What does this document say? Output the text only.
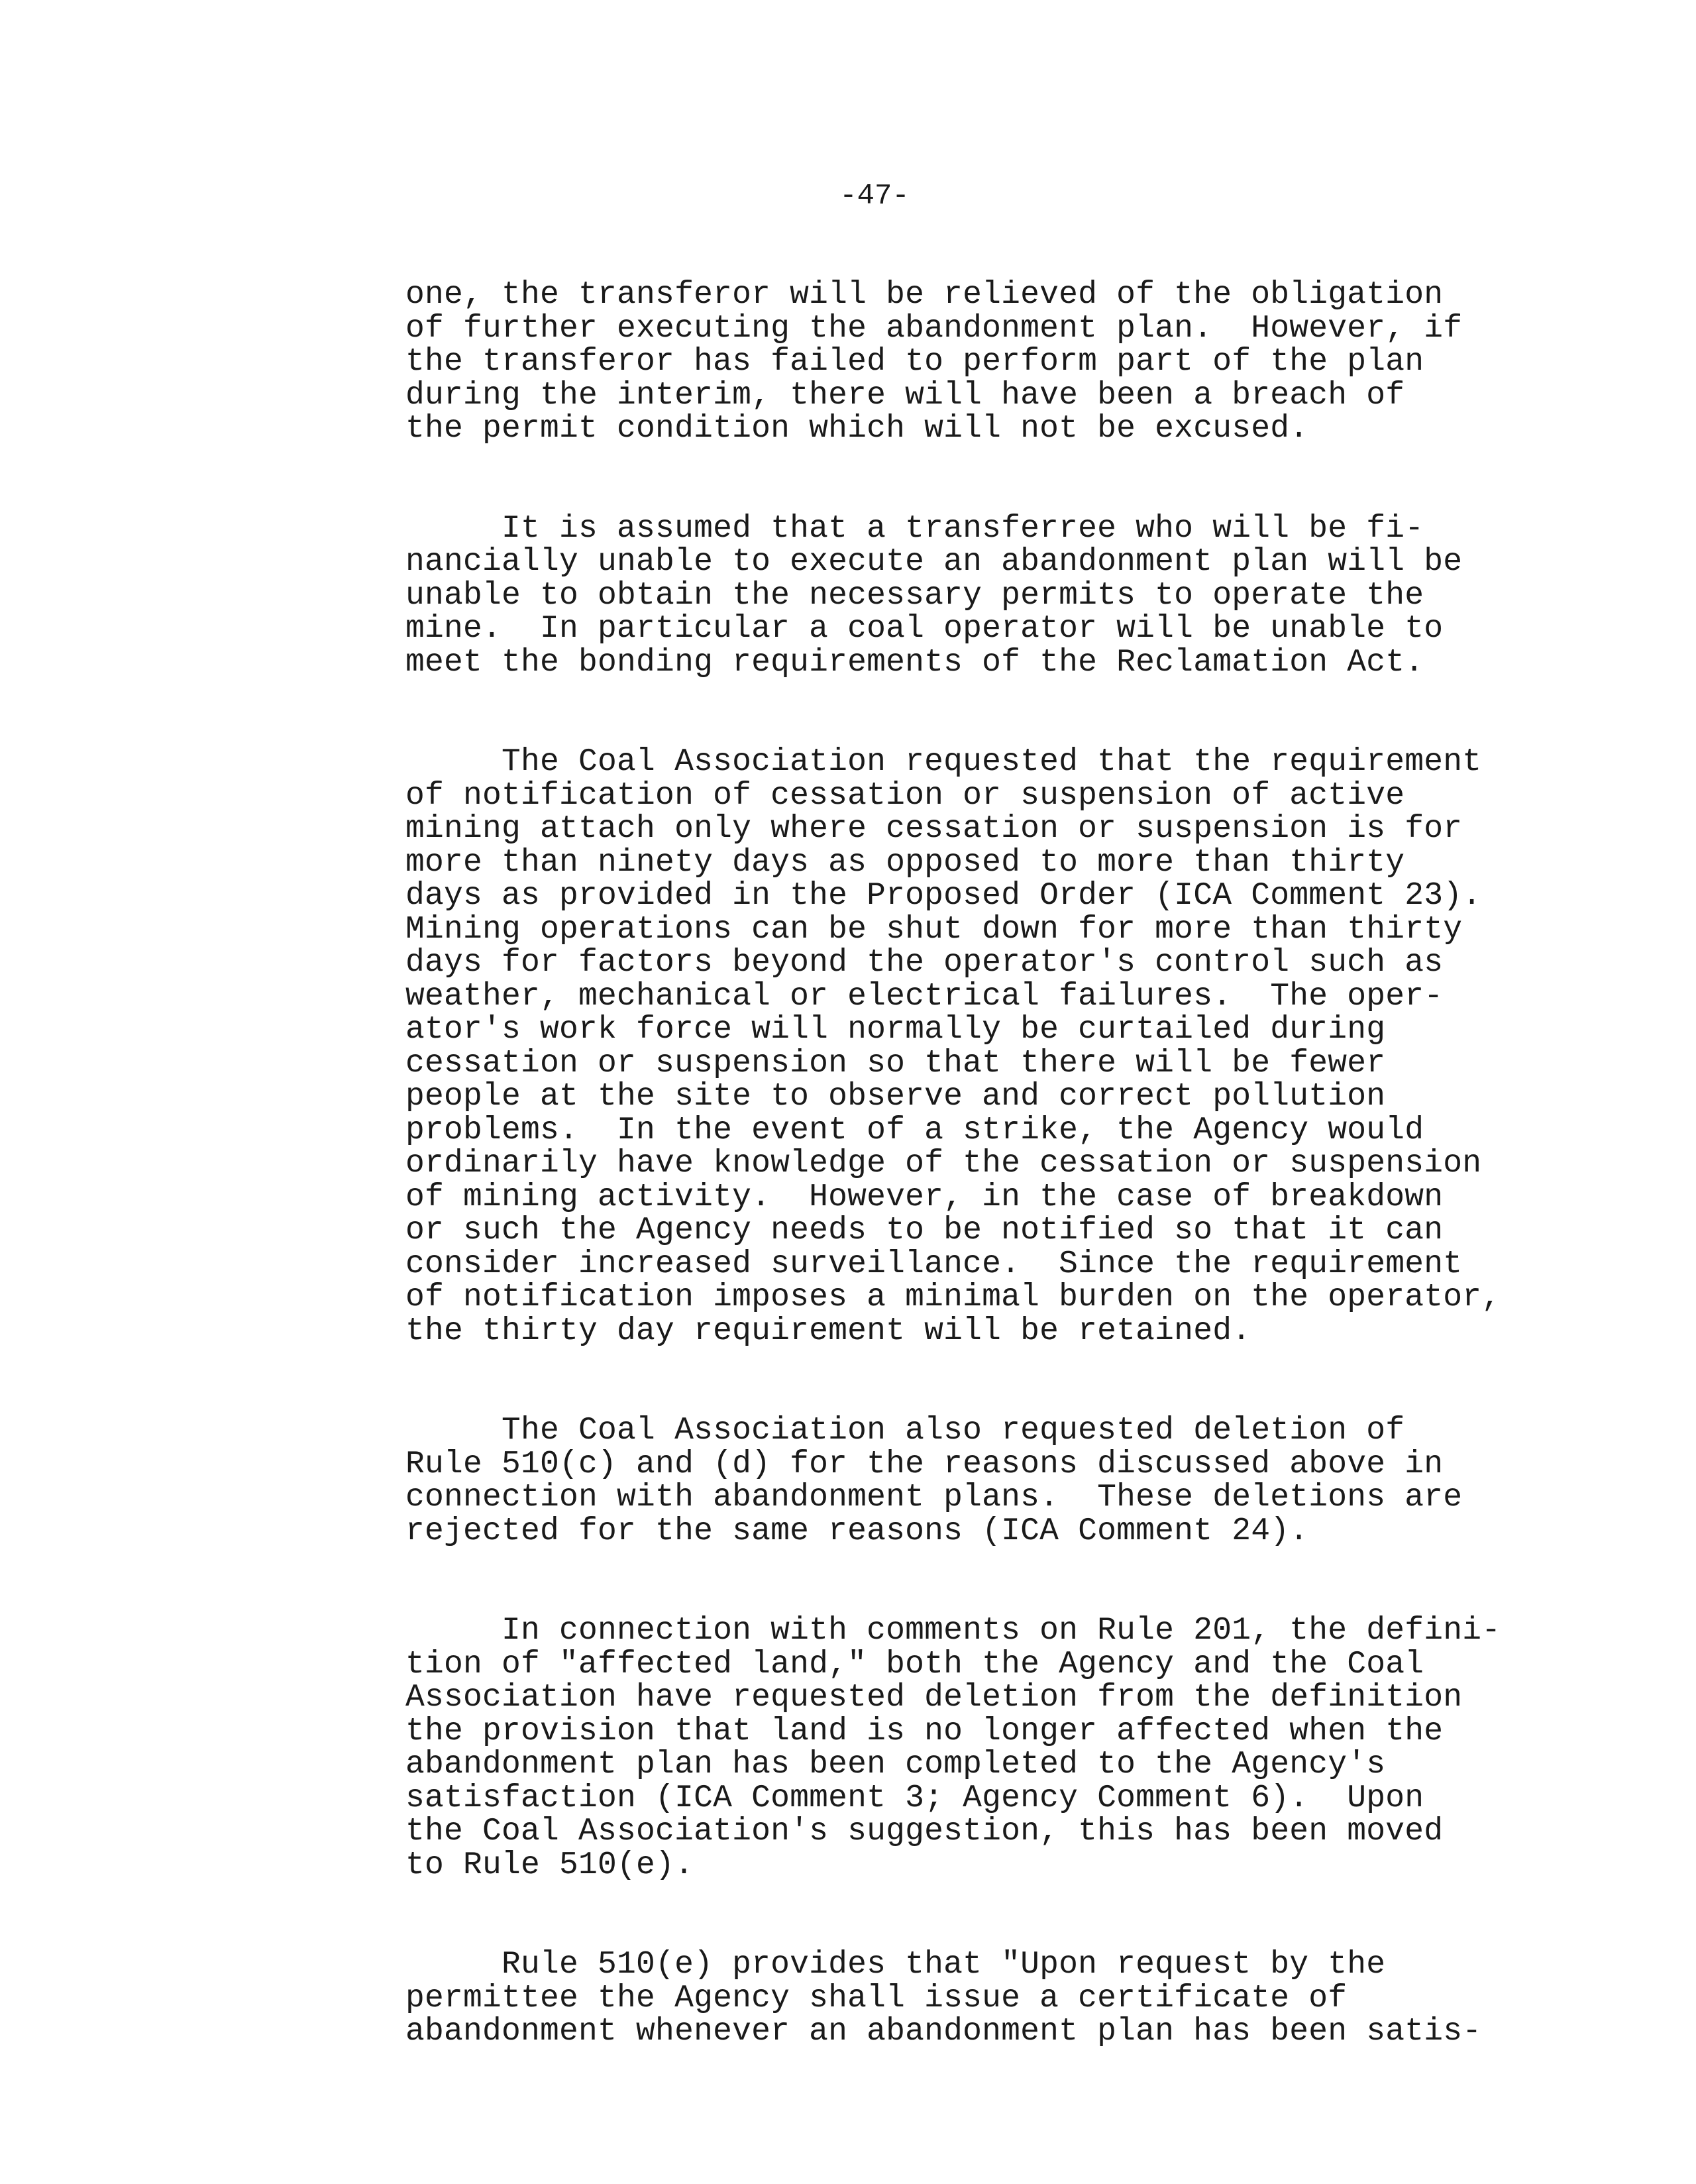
-47-

one, the transferor will be relieved of the obligation
of further executing the abandonment plan.  However, if
the transferor has failed to perform part of the plan
during the interim, there will have been a breach of
the permit condition which will not be excused.

It is assumed that a transferree who will be fi-
nancially unable to execute an abandonment plan will be
unable to obtain the necessary permits to operate the
mine.  In particular a coal operator will be unable to
meet the bonding requirements of the Reclamation Act.

The Coal Association requested that the requirement
of notification of cessation or suspension of active
mining attach only where cessation or suspension is for
more than ninety days as opposed to more than thirty
days as provided in the Proposed Order (ICA Comment 23).
Mining operations can be shut down for more than thirty
days for factors beyond the operator's control such as
weather, mechanical or electrical failures.  The oper-
ator's work force will normally be curtailed during
cessation or suspension so that there will be fewer
people at the site to observe and correct pollution
problems.  In the event of a strike, the Agency would
ordinarily have knowledge of the cessation or suspension
of mining activity.  However, in the case of breakdown
or such the Agency needs to be notified so that it can
consider increased surveillance.  Since the requirement
of notification imposes a minimal burden on the operator,
the thirty day requirement will be retained.

The Coal Association also requested deletion of
Rule 510(c) and (d) for the reasons discussed above in
connection with abandonment plans.  These deletions are
rejected for the same reasons (ICA Comment 24).

In connection with comments on Rule 201, the defini-
tion of "affected land," both the Agency and the Coal
Association have requested deletion from the definition
the provision that land is no longer affected when the
abandonment plan has been completed to the Agency's
satisfaction (ICA Comment 3; Agency Comment 6).  Upon
the Coal Association's suggestion, this has been moved
to Rule 510(e).

Rule 510(e) provides that "Upon request by the
permittee the Agency shall issue a certificate of
abandonment whenever an abandonment plan has been satis-
